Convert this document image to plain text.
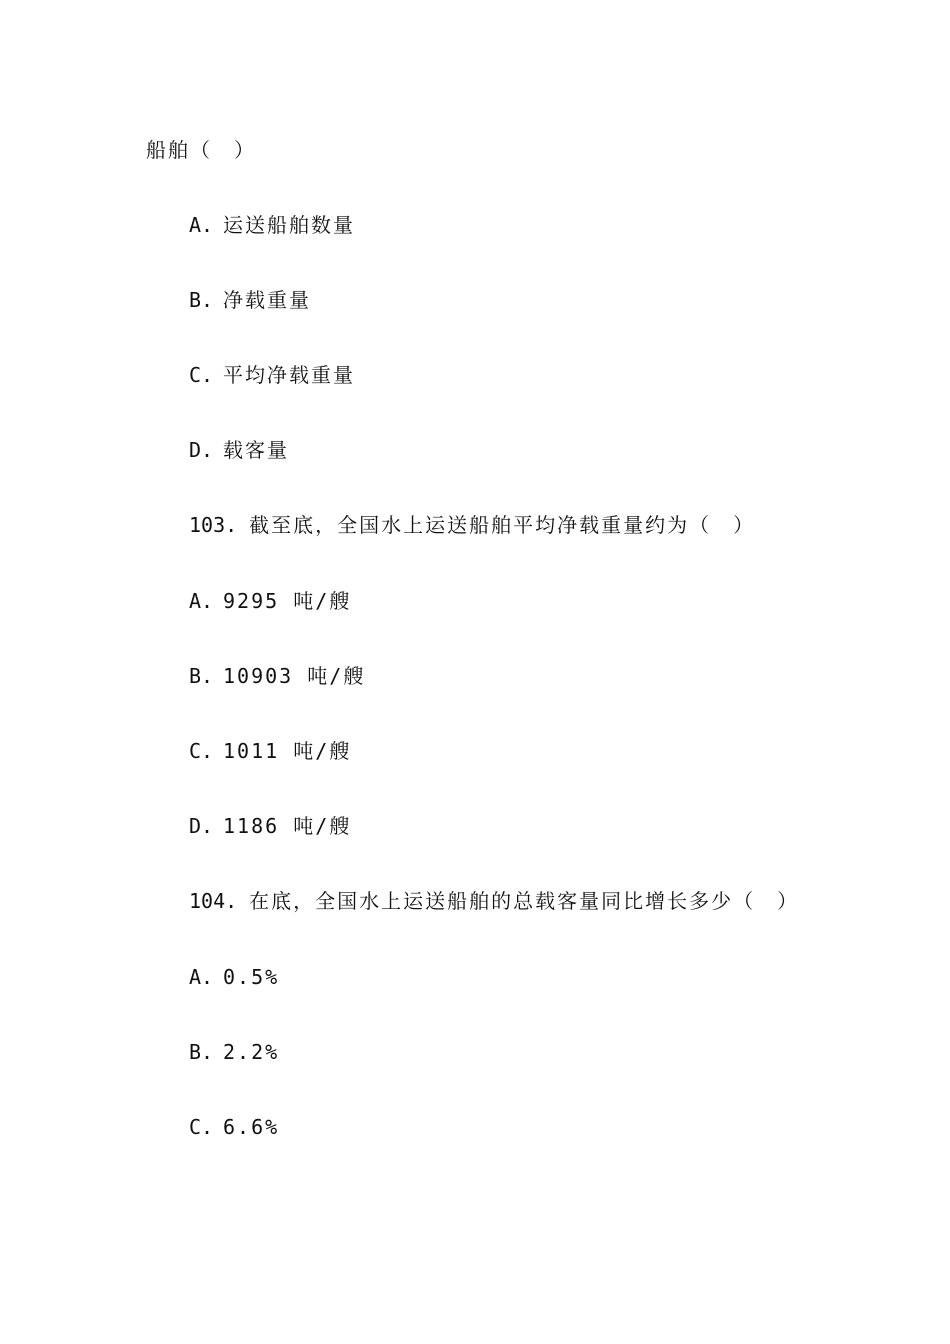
船舶（　）
A. 运送船舶数量
B. 净载重量
C. 平均净载重量
D. 载客量
103. 截至底，全国水上运送船舶平均净载重量约为（　）
A. 9295 吨/艘
B. 10903 吨/艘
C. 1011 吨/艘
D. 1186 吨/艘
104. 在底，全国水上运送船舶的总载客量同比增长多少（　）
A. 0.5%
B. 2.2%
C. 6.6%
